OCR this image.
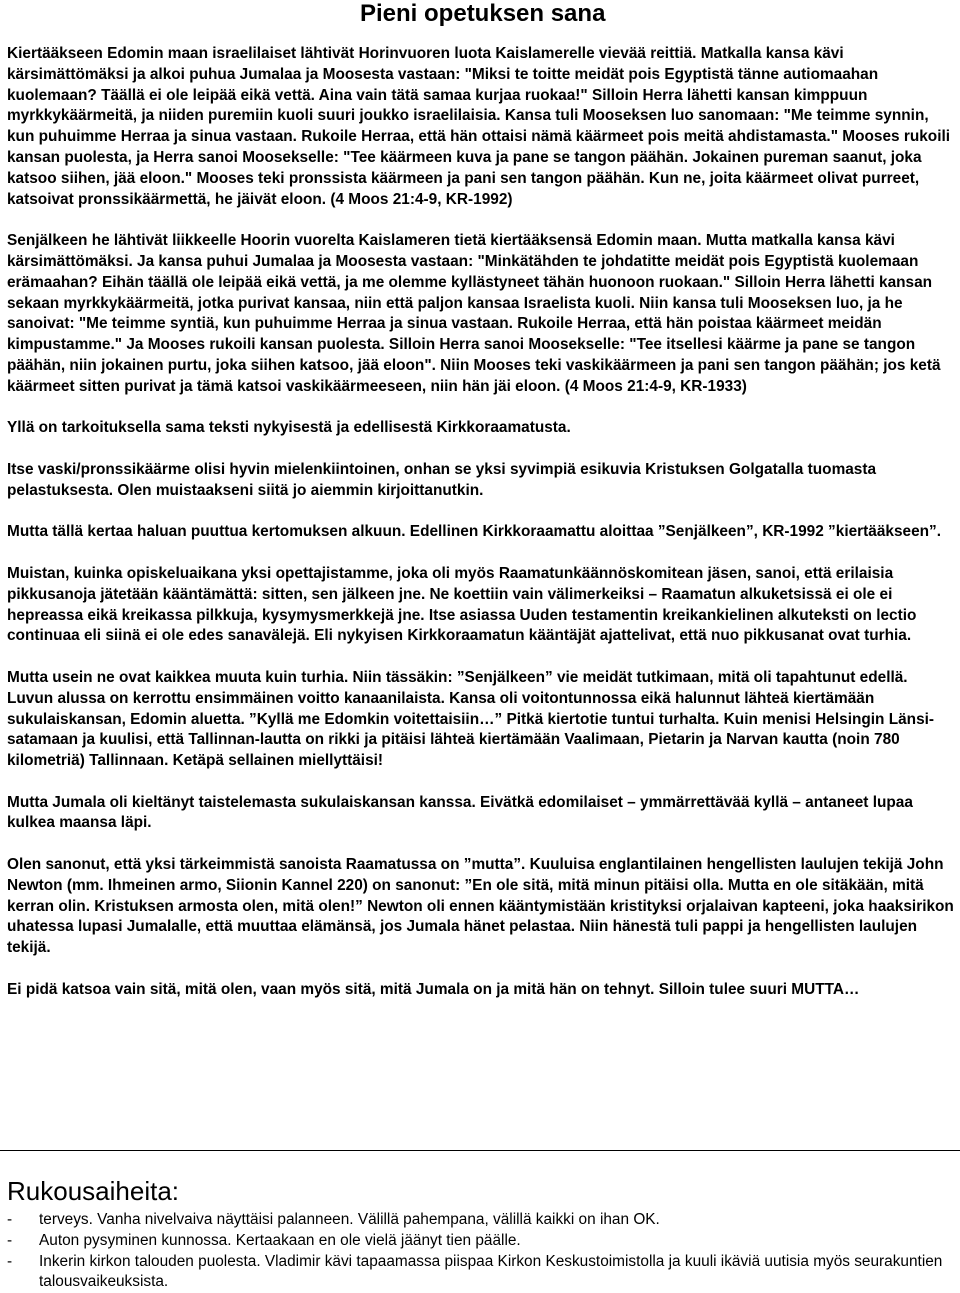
Pieni opetuksen sana

Kiertääkseen Edomin maan israelilaiset lähtivät Horinvuoren luota Kaislamerelle vievää reittiä. Matkalla kansa kävi kärsimättömäksi ja alkoi puhua Jumalaa ja Moosesta vastaan: "Miksi te toitte meidät pois Egyptistä tänne autiomaahan kuolemaan? Täällä ei ole leipää eikä vettä. Aina vain tätä samaa kurjaa ruokaa!" Silloin Herra lähetti kansan kimppuun myrkkykäärmeitä, ja niiden puremiin kuoli suuri joukko israelilaisia. Kansa tuli Mooseksen luo sanomaan: "Me teimme synnin, kun puhuimme Herraa ja sinua vastaan. Rukoile Herraa, että hän ottaisi nämä käärmeet pois meitä ahdistamasta." Mooses rukoili kansan puolesta, ja Herra sanoi Moosekselle: "Tee käärmeen kuva ja pane se tangon päähän. Jokainen pureman saanut, joka katsoo siihen, jää eloon." Mooses teki pronssista käärmeen ja pani sen tangon päähän. Kun ne, joita käärmeet olivat purreet, katsoivat pronssikäärmettä, he jäivät eloon. (4 Moos 21:4-9, KR-1992)

Senjälkeen he lähtivät liikkeelle Hoorin vuorelta Kaislameren tietä kiertääksensä Edomin maan. Mutta matkalla kansa kävi kärsimättömäksi. Ja kansa puhui Jumalaa ja Moosesta vastaan: "Minkätähden te johdatitte meidät pois Egyptistä kuolemaan erämaahan? Eihän täällä ole leipää eikä vettä, ja me olemme kyllästyneet tähän huonoon ruokaan." Silloin Herra lähetti kansan sekaan myrkkykäärmeitä, jotka purivat kansaa, niin että paljon kansaa Israelista kuoli. Niin kansa tuli Mooseksen luo, ja he sanoivat: "Me teimme syntiä, kun puhuimme Herraa ja sinua vastaan. Rukoile Herraa, että hän poistaa käärmeet meidän kimpustamme." Ja Mooses rukoili kansan puolesta. Silloin Herra sanoi Moosekselle: "Tee itsellesi käärme ja pane se tangon päähän, niin jokainen purtu, joka siihen katsoo, jää eloon". Niin Mooses teki vaskikäärmeen ja pani sen tangon päähän; jos ketä käärmeet sitten purivat ja tämä katsoi vaskikäärmeeseen, niin hän jäi eloon. (4 Moos 21:4-9, KR-1933)

Yllä on tarkoituksella sama teksti nykyisestä ja edellisestä Kirkkoraamatusta.

Itse vaski/pronssikäärme olisi hyvin mielenkiintoinen, onhan se yksi syvimpiä esikuvia Kristuksen Golgatalla tuomasta pelastuksesta. Olen muistaakseni siitä jo aiemmin kirjoittanutkin.

Mutta tällä kertaa haluan puuttua kertomuksen alkuun. Edellinen Kirkkoraamattu aloittaa ”Senjälkeen”, KR-1992 ”kiertääkseen”.

Muistan, kuinka opiskeluaikana yksi opettajistamme, joka oli myös Raamatunkäännöskomitean jäsen, sanoi, että erilaisia pikkusanoja jätetään kääntämättä: sitten, sen jälkeen jne. Ne koettiin vain välimerkeiksi – Raamatun alkuketsissä ei ole ei hepreassa eikä kreikassa pilkkuja, kysymysmerkkejä jne. Itse asiassa Uuden testamentin kreikankielinen alkuteksti on lectio continuaa eli siinä ei ole edes sanavälejä. Eli nykyisen Kirkkoraamatun kääntäjät ajattelivat, että nuo pikkusanat ovat turhia.

Mutta usein ne ovat kaikkea muuta kuin turhia. Niin tässäkin: ”Senjälkeen” vie meidät tutkimaan, mitä oli tapahtunut edellä. Luvun alussa on kerrottu ensimmäinen voitto kanaanilaista. Kansa oli voitontunnossa eikä halunnut lähteä kiertämään sukulaiskansan, Edomin aluetta. ”Kyllä me Edomkin voitettaisiin…” Pitkä kiertotie tuntui turhalta. Kuin menisi Helsingin Länsi-satamaan ja kuulisi, että Tallinnan-lautta on rikki ja pitäisi lähteä kiertämään Vaalimaan, Pietarin ja Narvan kautta (noin 780 kilometriä) Tallinnaan. Ketäpä sellainen miellyttäisi!

Mutta Jumala oli kieltänyt taistelemasta sukulaiskansan kanssa. Eivätkä edomilaiset – ymmärrettävää kyllä – antaneet lupaa kulkea maansa läpi.

Olen sanonut, että yksi tärkeimmistä sanoista Raamatussa on ”mutta”. Kuuluisa englantilainen hengellisten laulujen tekijä John Newton (mm. Ihmeinen armo, Siionin Kannel 220) on sanonut: ”En ole sitä, mitä minun pitäisi olla. Mutta en ole sitäkään, mitä kerran olin. Kristuksen armosta olen, mitä olen!” Newton oli ennen kääntymistään kristityksi orjalaivan kapteeni, joka haaksirikon uhatessa lupasi Jumalalle, että muuttaa elämänsä, jos Jumala hänet pelastaa. Niin hänestä tuli pappi ja hengellisten laulujen tekijä.

Ei pidä katsoa vain sitä, mitä olen, vaan myös sitä, mitä Jumala on ja mitä hän on tehnyt. Silloin tulee suuri MUTTA…

Rukousaiheita:
- terveys. Vanha nivelvaiva näyttäisi palanneen. Välillä pahempana, välillä kaikki on ihan OK.
- Auton pysyminen kunnossa. Kertaakaan en ole vielä jäänyt tien päälle.
- Inkerin kirkon talouden puolesta. Vladimir kävi tapaamassa piispaa Kirkon Keskustoimistolla ja kuuli ikäviä uutisia myös seurakuntien talousvaikeuksista.
